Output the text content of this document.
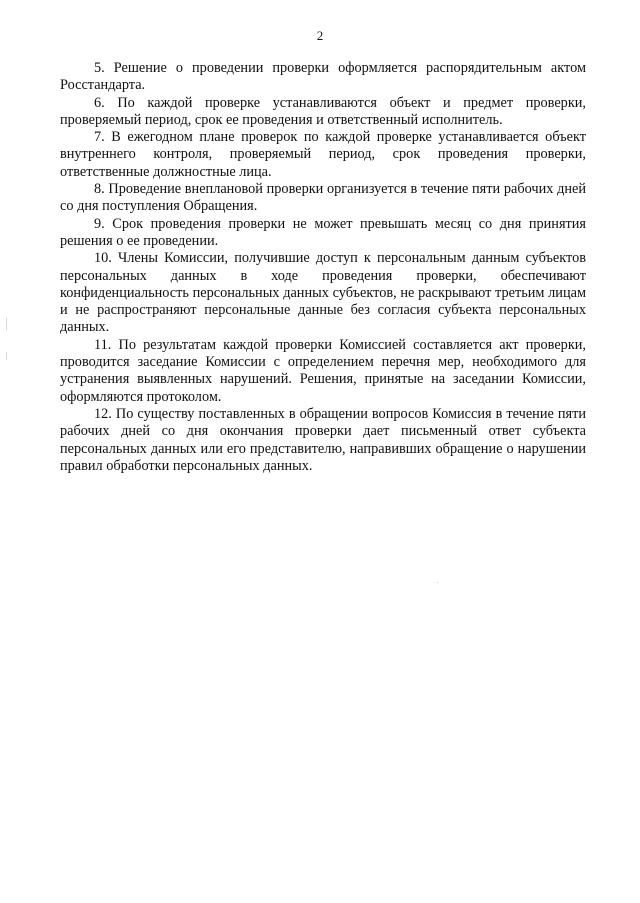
2

5. Решение о проведении проверки оформляется распорядительным актом Росстандарта.

6. По каждой проверке устанавливаются объект и предмет проверки, проверяемый период, срок ее проведения и ответственный исполнитель.

7. В ежегодном плане проверок по каждой проверке устанавливается объект внутреннего контроля, проверяемый период, срок проведения проверки, ответственные должностные лица.

8. Проведение внеплановой проверки организуется в течение пяти рабочих дней со дня поступления Обращения.

9. Срок проведения проверки не может превышать месяц со дня принятия решения о ее проведении.

10. Члены Комиссии, получившие доступ к персональным данным субъектов персональных данных в ходе проведения проверки, обеспечивают конфиденциальность персональных данных субъектов, не раскрывают третьим лицам и не распространяют персональные данные без согласия субъекта персональных данных.

11. По результатам каждой проверки Комиссией составляется акт проверки, проводится заседание Комиссии с определением перечня мер, необходимого для устранения выявленных нарушений. Решения, принятые на заседании Комиссии, оформляются протоколом.

12. По существу поставленных в обращении вопросов Комиссия в течение пяти рабочих дней со дня окончания проверки дает письменный ответ субъекта персональных данных или его представителю, направивших обращение о нарушении правил обработки персональных данных.
